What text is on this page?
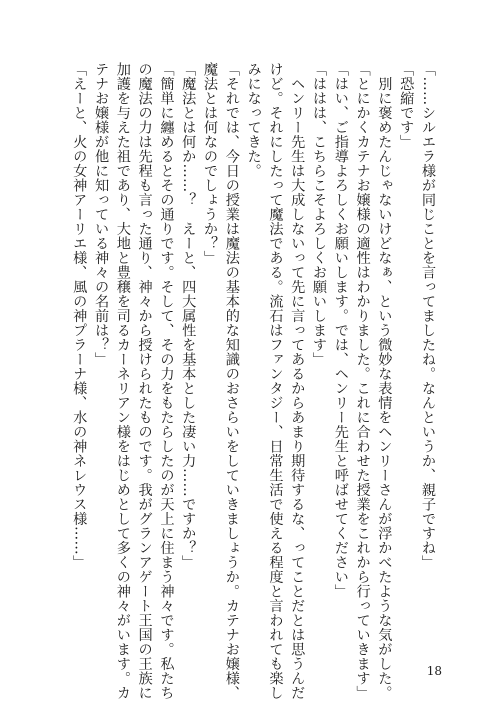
「……シルエラ様が同じことを言ってましたね。なんというか、親子ですね」
「恐縮です」
　別に褒めたんじゃないけどなぁ、という微妙な表情をヘンリーさんが浮かべたような気がした。
「とにかくカテナお嬢様の適性はわかりました。これに合わせた授業をこれから行っていきます」
「はい、ご指導よろしくお願いします。では、ヘンリー先生と呼ばせてください」
「ははは、こちらこそよろしくお願いします」
　ヘンリー先生は大成しないって先に言ってあるからあまり期待するな、ってことだとは思うんだ
けど。それにしたって魔法である。流石はファンタジー、日常生活で使える程度と言われても楽し
みになってきた。
「それでは、今日の授業は魔法の基本的な知識のおさらいをしていきましょうか。カテナお嬢様、
魔法とは何なのでしょうか？」
「魔法とは何か……？　えーと、四大属性を基本とした凄い力……ですか？」
「簡単に纏めるとその通りです。そして、その力をもたらしたのが天上に住まう神々です。私たち
の魔法の力は先程も言った通り、神々から授けられたものです。我がグランアゲート王国の王族に
加護を与えた祖であり、大地と豊穣を司るカーネリアン様をはじめとして多くの神々がいます。カ
テナお嬢様が他に知っている神々の名前は？」
「えーと、火の女神アーリエ様、風の神プラーナ様、水の神ネレウス様……」
18
